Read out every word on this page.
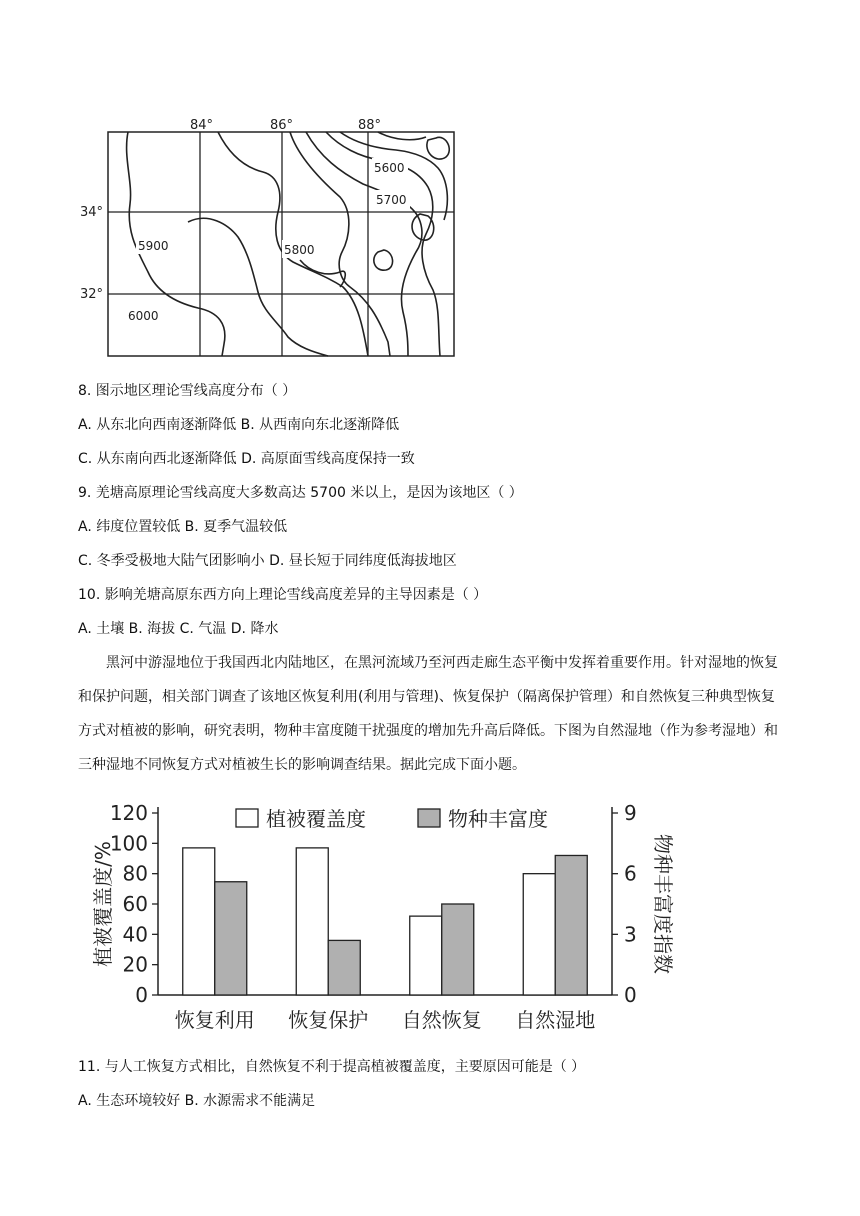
5600
5700
5900	5800
6000
84°	86°	88°
34°
32°
8. 图示地区理论雪线高度分布（ ）
A. 从东北向西南逐渐降低 B. 从西南向东北逐渐降低
C. 从东南向西北逐渐降低 D. 高原面雪线高度保持一致
9. 羌塘高原理论雪线高度大多数高达 5700 米以上，是因为该地区（ ）
A. 纬度位置较低 B. 夏季气温较低
C. 冬季受极地大陆气团影响小 D. 昼长短于同纬度低海拔地区
10. 影响羌塘高原东西方向上理论雪线高度差异的主导因素是（ ）
A. 土壤 B. 海拔 C. 气温 D. 降水
黑河中游湿地位于我国西北内陆地区，在黑河流域乃至河西走廊生态平衡中发挥着重要作用。针对湿地的恢复和保护问题，相关部门调查了该地区恢复利用(利用与管理)、恢复保护（隔离保护管理）和自然恢复三种典型恢复方式对植被的影响，研究表明，物种丰富度随干扰强度的增加先升高后降低。下图为自然湿地（作为参考湿地）和三种湿地不同恢复方式对植被生长的影响调查结果。据此完成下面小题。
0
20
40
60
80
100
120
0
3
6
9
恢复利用 恢复保护 自然恢复 自然湿地
植被覆盖度	物种丰富度
植被覆盖度/%	物种丰富度指数
11. 与人工恢复方式相比，自然恢复不利于提高植被覆盖度，主要原因可能是（ ）
A. 生态环境较好 B. 水源需求不能满足
